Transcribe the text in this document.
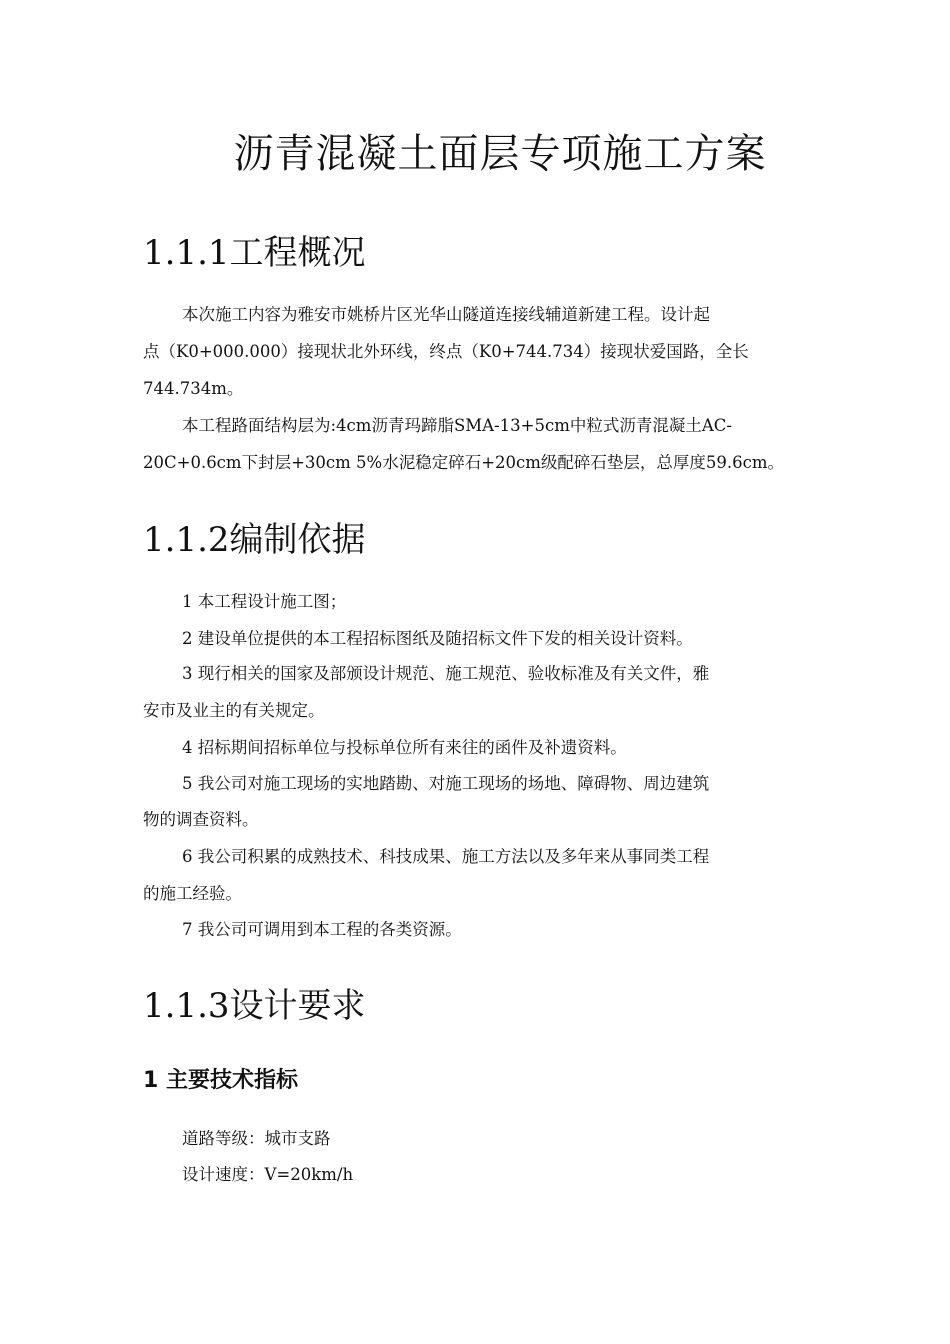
沥青混凝土面层专项施工方案
1.1.1工程概况

本次施工内容为雅安市姚桥片区光华山隧道连接线辅道新建工程。设计起

点（K0+000.000）接现状北外环线，终点（K0+744.734）接现状爱国路，全长

744.734m。

本工程路面结构层为:4cm沥青玛蹄脂SMA-13+5cm中粒式沥青混凝土AC-

20C+0.6cm下封层+30cm 5%水泥稳定碎石+20cm级配碎石垫层，总厚度59.6cm。

1.1.2编制依据

1 本工程设计施工图；

2 建设单位提供的本工程招标图纸及随招标文件下发的相关设计资料。

3 现行相关的国家及部颁设计规范、施工规范、验收标准及有关文件，雅

安市及业主的有关规定。

4 招标期间招标单位与投标单位所有来往的函件及补遗资料。

5 我公司对施工现场的实地踏勘、对施工现场的场地、障碍物、周边建筑

物的调查资料。

6 我公司积累的成熟技术、科技成果、施工方法以及多年来从事同类工程

的施工经验。

7 我公司可调用到本工程的各类资源。

1.1.3设计要求
1 主要技术指标

道路等级：城市支路

设计速度：V=20km/h
